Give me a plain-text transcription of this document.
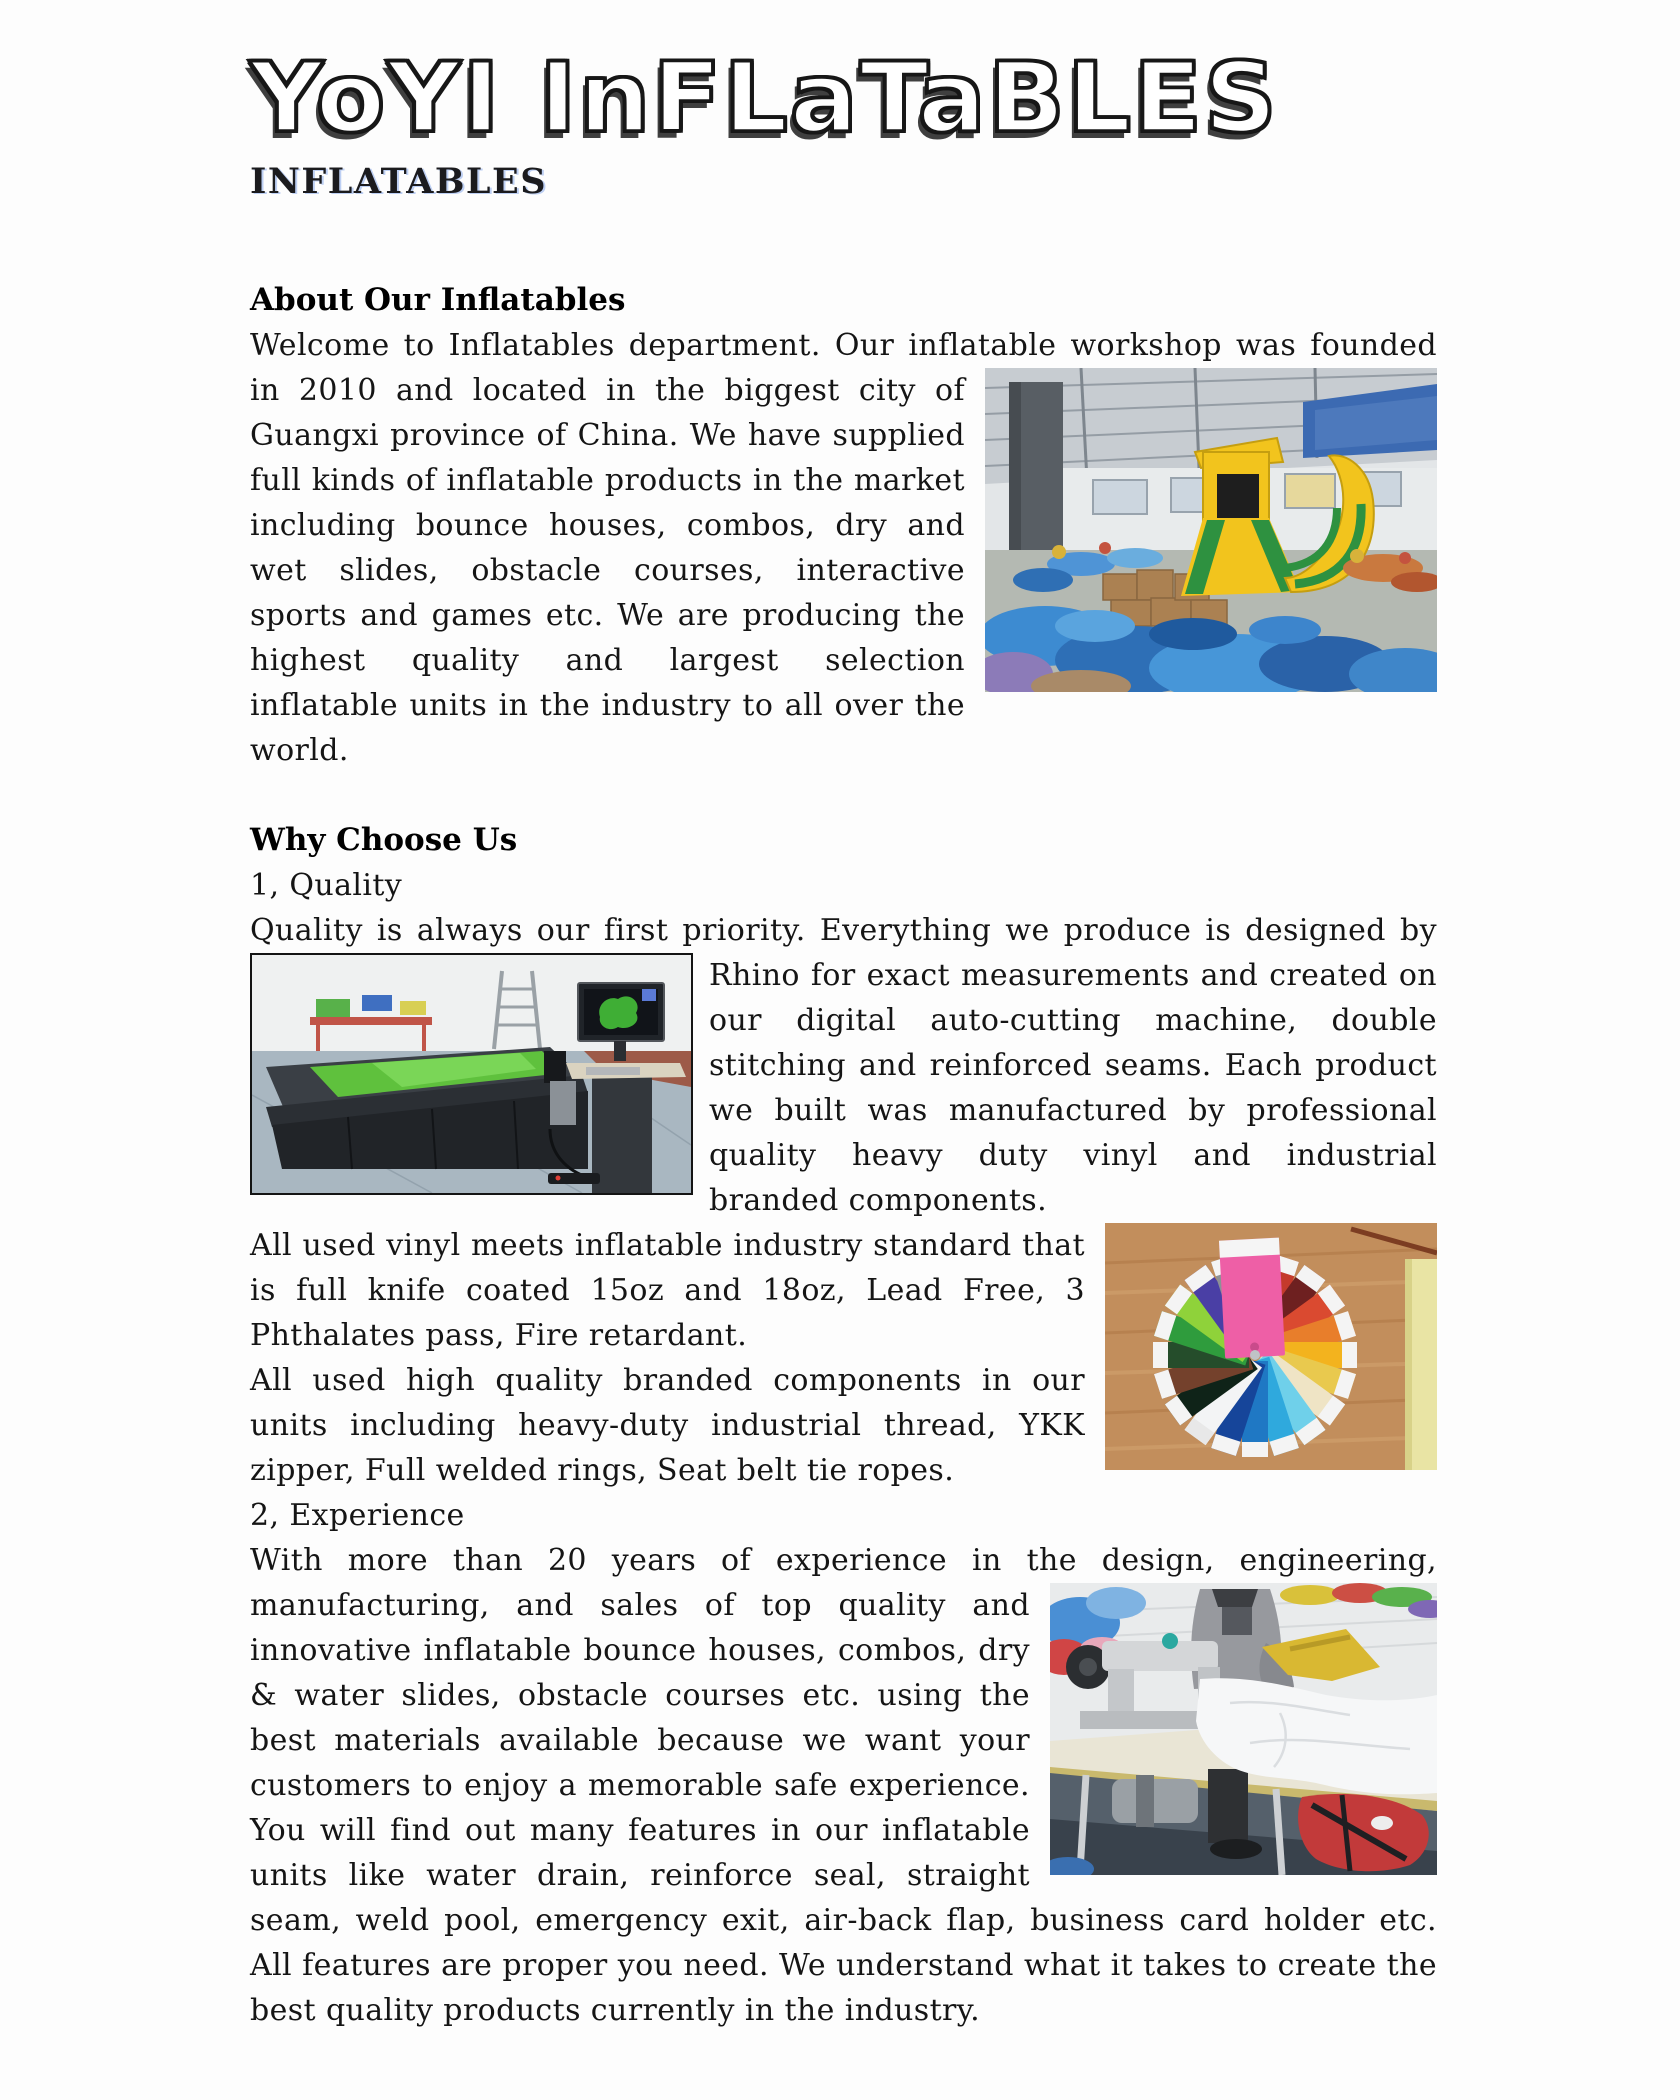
YoYI InFLaTaBLES
INFLATABLES
About Our Inflatables

Welcome to Inflatables department. Our inflatable workshop was founded in 2010 and located in the biggest city of Guangxi province of China. We have supplied full kinds of inflatable products in the market including bounce houses, combos, dry and wet slides, obstacle courses, interactive sports and games etc. We are producing the highest quality and largest selection inflatable units in the industry to all over the world.

Why Choose Us

1, Quality

Quality is always our first priority. Everything we produce is designed by Rhino for exact measurements and created on our digital auto-cutting machine, double stitching and reinforced seams. Each product we built was manufactured by professional quality heavy duty vinyl and industrial branded components.

All used vinyl meets inflatable industry standard that is full knife coated 15oz and 18oz, Lead Free, 3 Phthalates pass, Fire retardant.

All used high quality branded components in our units including heavy-duty industrial thread, YKK zipper, Full welded rings, Seat belt tie ropes.

2, Experience

With more than 20 years of experience in the design, engineering,
manufacturing, and sales of top quality and innovative inflatable bounce houses, combos, dry & water slides, obstacle courses etc. using the best materials available because we want your customers to enjoy a memorable safe experience. You will find out many features in our inflatable units like water drain, reinforce seal, straight seam, weld pool, emergency exit, air-back flap, business card holder etc. All features are proper you need. We understand what it takes to create the best quality products currently in the industry.
